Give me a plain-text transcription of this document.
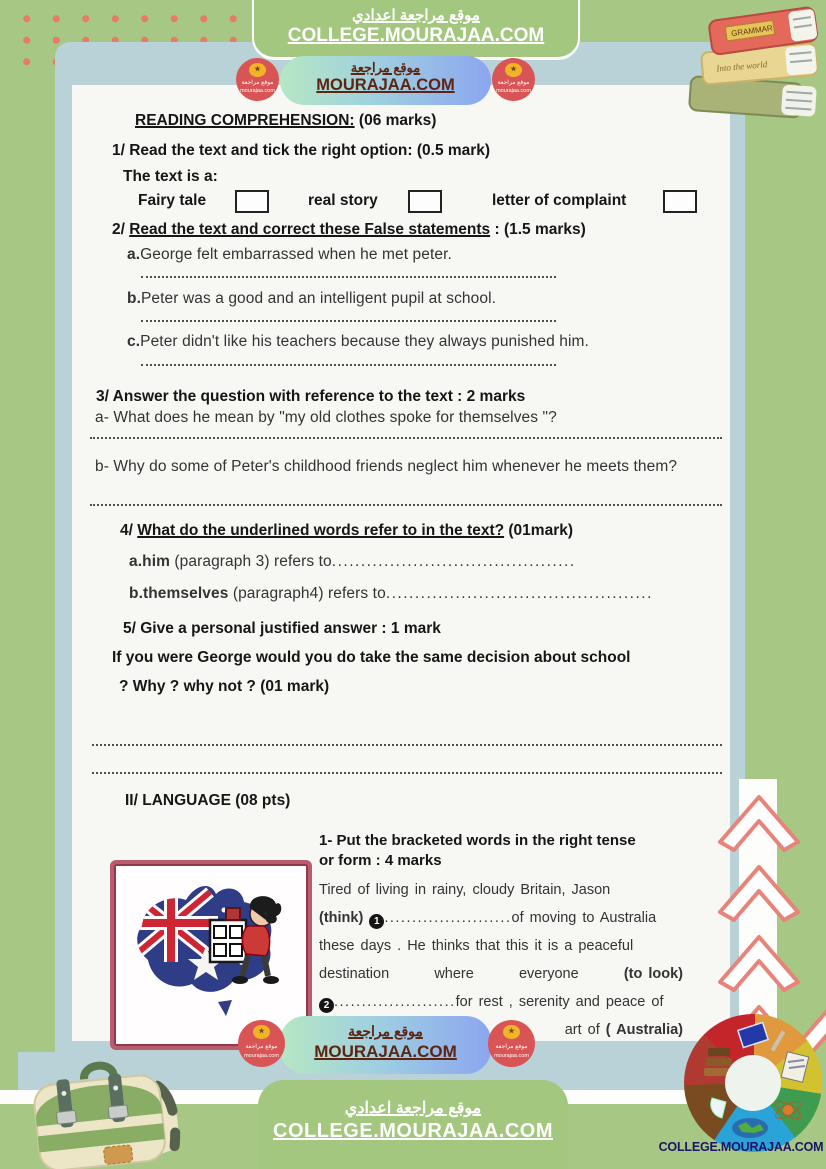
READING COMPREHENSION: (06 marks)
1/ Read the text and tick the right option: (0.5 mark)
The text is a:
Fairy tale	real story	letter of complaint
2/ Read the text and correct these False statements : (1.5 marks)
a.George felt embarrassed when he met peter.
b.Peter was a good and an intelligent pupil at school.
c.Peter didn't like his teachers because they always punished him.
3/ Answer the question with reference to the text : 2 marks
a- What does he mean by "my old clothes spoke for themselves "?
b- Why do some of Peter's childhood friends neglect him whenever he meets them?
4/ What do the underlined words refer to in the text? (01mark)
a.him (paragraph 3) refers to..........................................
b.themselves (paragraph4) refers to..............................................
5/ Give a personal justified answer : 1 mark
If you were George would you do take the same decision about school
? Why ? why not ? (01 mark)
II/ LANGUAGE (08 pts)
1- Put the bracketed words in the right tense
or form : 4 marks
Tired of living in rainy, cloudy Britain, Jason
(think) 1 .......................of moving to Australia
these days . He thinks that this it is a peaceful
destination	where	everyone	(to look)
2 ......................for rest , serenity and peace of
art of ( Australia)
Into the world
GRAMMAR
موقع مراجعة اعدادي
COLLEGE.MOURAJAA.COM
موقع مراجعة
MOURAJAA.COM
★
موقع مراجعة
mourajaa.com
★
موقع مراجعة
mourajaa.com
COLLEGE.MOURAJAA.COM
موقع مراجعة
MOURAJAA.COM
★
موقع مراجعة
mourajaa.com
★
موقع مراجعة
mourajaa.com
موقع مراجعة اعدادي
COLLEGE.MOURAJAA.COM
